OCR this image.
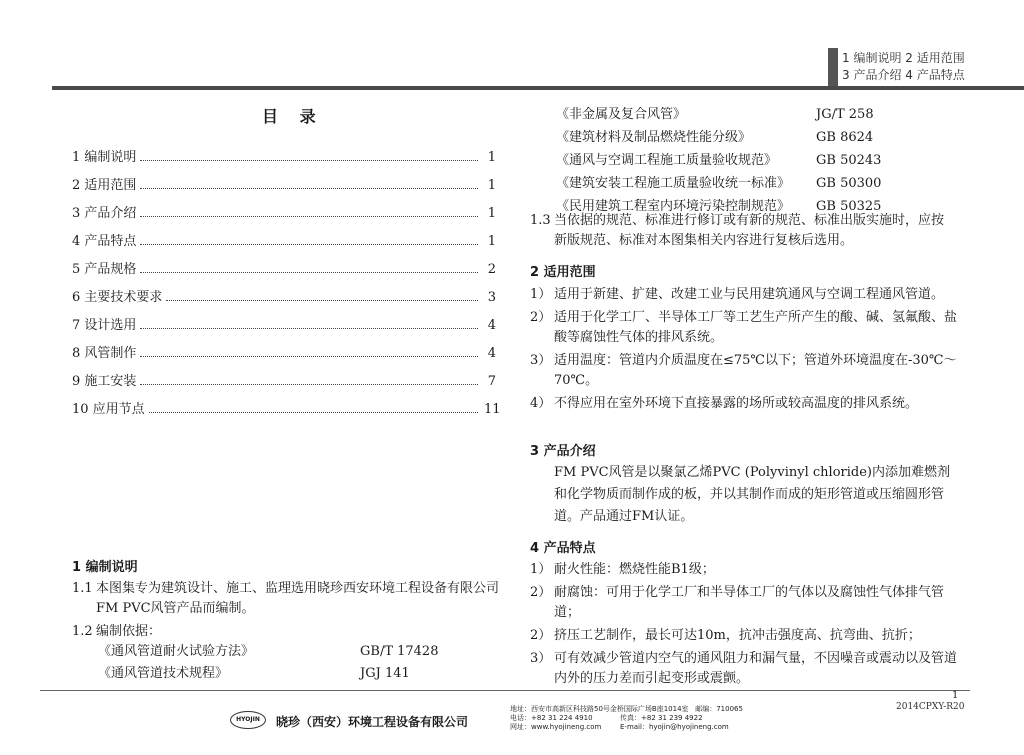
1 编制说明 2 适用范围
3 产品介绍 4 产品特点
目 录
1 编制说明	1
2 适用范围	1
3 产品介绍	1
4 产品特点	1
5 产品规格	2
6 主要技术要求	3
7 设计选用	4
8 风管制作	4
9 施工安装	7
10 应用节点	11
1 编制说明
1.1 本图集专为建筑设计、施工、监理选用晓珍西安环境工程设备有限公司FM PVC风管产品而编制。
1.2 编制依据：
《通风管道耐火试验方法》	GB/T 17428
《通风管道技术规程》	JGJ 141
《非金属及复合风管》	JG/T 258
《建筑材料及制品燃烧性能分级》	GB 8624
《通风与空调工程施工质量验收规范》	GB 50243
《建筑安装工程施工质量验收统一标准》 GB 50300
《民用建筑工程室内环境污染控制规范》 GB 50325
1.3 当依据的规范、标准进行修订或有新的规范、标准出版实施时，应按新版规范、标准对本图集相关内容进行复核后选用。
2 适用范围
1） 适用于新建、扩建、改建工业与民用建筑通风与空调工程通风管道。
2） 适用于化学工厂、半导体工厂等工艺生产所产生的酸、碱、氢氟酸、盐酸等腐蚀性气体的排风系统。
3） 适用温度：管道内介质温度在≤75℃以下；管道外环境温度在-30℃～70℃。
4） 不得应用在室外环境下直接暴露的场所或较高温度的排风系统。
3 产品介绍
FM PVC风管是以聚氯乙烯PVC (Polyvinyl chloride)内添加难燃剂和化学物质而制作成的板，并以其制作而成的矩形管道或压缩圆形管道。产品通过FM认证。
4 产品特点
1） 耐火性能：燃烧性能B1级；
2） 耐腐蚀：可用于化学工厂和半导体工厂的气体以及腐蚀性气体排气管道；
2） 挤压工艺制作，最长可达10m，抗冲击强度高、抗弯曲、抗折；
3） 可有效减少管道内空气的通风阻力和漏气量，不因噪音或震动以及管道内外的压力差而引起变形或震颤。
1
2014CPXY-R20
HYOJIN	晓珍（西安）环境工程设备有限公司
地址：西安市高新区科技路50号金桥国际广场B座1014室 邮编：710065
电话：+82 31 224 4910	传真：+82 31 239 4922
网址：www.hyojineng.com	E-mail：hyojin@hyojineng.com
